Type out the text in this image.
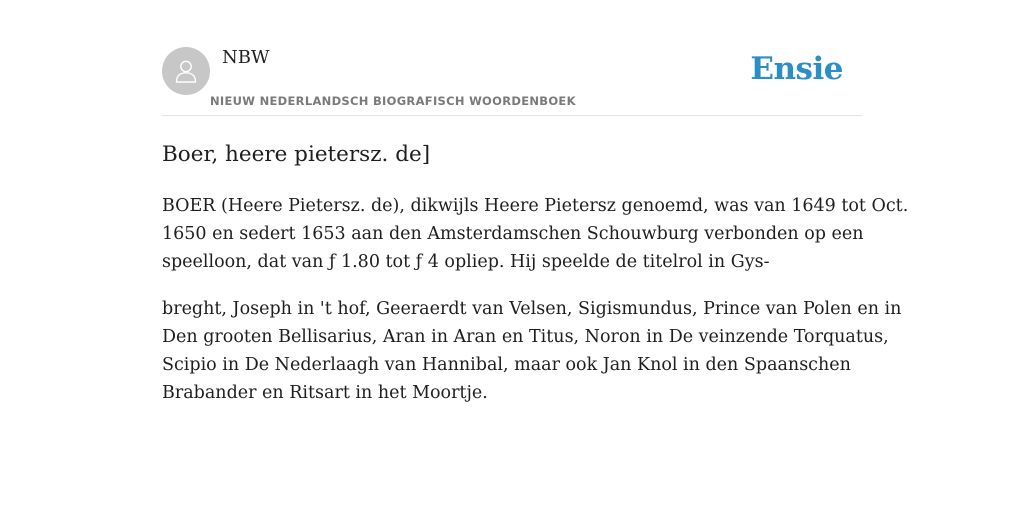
NBW
NIEUW NEDERLANDSCH BIOGRAFISCH WOORDENBOEK
Ensie
Boer, heere pietersz. de]

BOER (Heere Pietersz. de), dikwijls Heere Pietersz genoemd, was van 1649 tot Oct.
1650 en sedert 1653 aan den Amsterdamschen Schouwburg verbonden op een
speelloon, dat van ƒ 1.80 tot ƒ 4 opliep. Hij speelde de titelrol in Gys-

breght, Joseph in 't hof, Geeraerdt van Velsen, Sigismundus, Prince van Polen en in
Den grooten Bellisarius, Aran in Aran en Titus, Noron in De veinzende Torquatus,
Scipio in De Nederlaagh van Hannibal, maar ook Jan Knol in den Spaanschen
Brabander en Ritsart in het Moortje.
